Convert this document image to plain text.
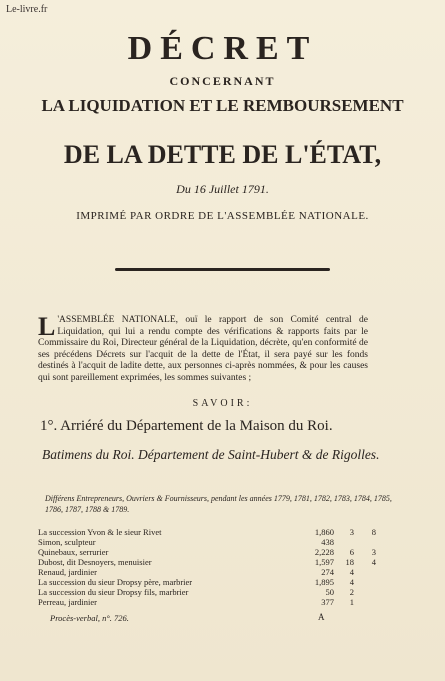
Le-livre.fr
DÉCRET
CONCERNANT
LA LIQUIDATION ET LE REMBOURSEMENT
DE LA DETTE DE L'ÉTAT,
Du 16 Juillet 1791.
IMPRIMÉ PAR ORDRE DE L'ASSEMBLÉE NATIONALE.
L 'ASSEMBLÉE NATIONALE, ouï le rapport de son Comité central de Liquidation, qui lui a rendu compte des vérifications & rapports faits par le Commissaire du Roi, Directeur général de la Liquidation, décrète, qu'en conformité de ses précédens Décrets sur l'acquit de la dette de l'État, il sera payé sur les fonds destinés à l'acquit de ladite dette, aux personnes ci-après nommées, & pour les causes qui sont pareillement exprimées, les sommes suivantes ;
SAVOIR:
1°. Arriéré du Département de la Maison du Roi.
Batimens du Roi. Département de Saint-Hubert & de Rigolles.
Différens Entrepreneurs, Ouvriers & Fournisseurs, pendant les années 1779, 1781, 1782, 1783, 1784, 1785, 1786, 1787, 1788 & 1789.
La succession Yvon & le sieur Rivet	1,860	3	8
Simon, sculpteur	438
Quinebaux, serrurier	2,228	6	3
Dubost, dit Desnoyers, menuisier	1,597	18	4
Renaud, jardinier	274	4
La succession du sieur Dropsy père, marbrier	1,895	4
La succession du sieur Dropsy fils, marbrier	50	2
Perreau, jardinier	377	1
Procès-verbal, n°. 726.	A
